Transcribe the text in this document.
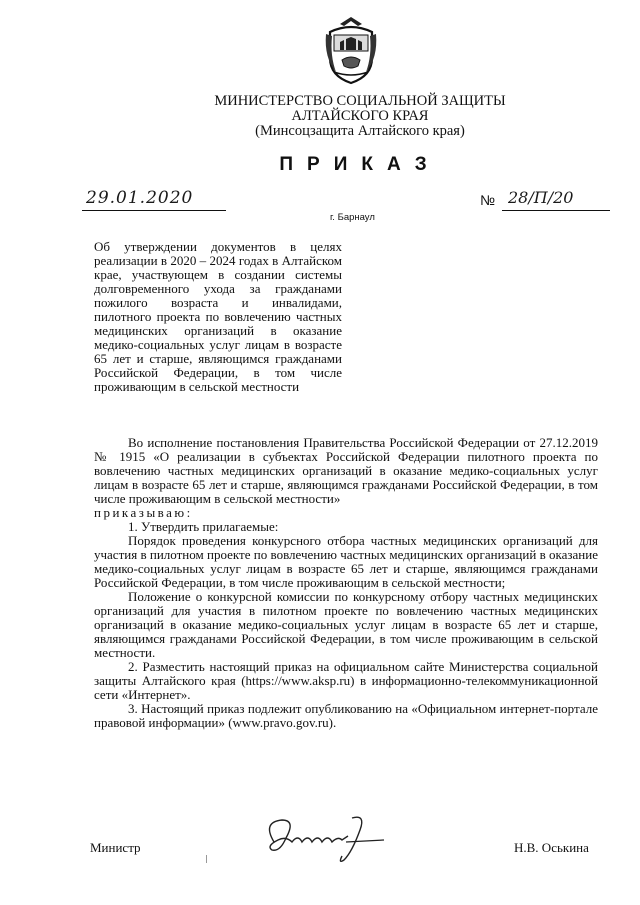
МИНИСТЕРСТВО СОЦИАЛЬНОЙ ЗАЩИТЫ
АЛТАЙСКОГО КРАЯ
(Минсоцзащита Алтайского края)
ПРИКАЗ
29.01.2020	№ 28/П/20
г. Барнаул
Об утверждении документов в целях реализации в 2020 – 2024 годах в Алтайском крае, участвующем в создании системы долговременного ухода за гражданами пожилого возраста и инвалидами, пилотного проекта по вовлечению частных медицинских организаций в оказание медико-социальных услуг лицам в возрасте 65 лет и старше, являющимся гражданами Российской Федерации, в том числе проживающим в сельской местности

Во исполнение постановления Правительства Российской Федерации от 27.12.2019 № 1915 «О реализации в субъектах Российской Федерации пилотного проекта по вовлечению частных медицинских организаций в оказание медико-социальных услуг лицам в возрасте 65 лет и старше, являющимся гражданами Российской Федерации, в том числе проживающим в сельской местности»

приказываю:

1. Утвердить прилагаемые:

Порядок проведения конкурсного отбора частных медицинских организаций для участия в пилотном проекте по вовлечению частных медицинских организаций в оказание медико-социальных услуг лицам в возрасте 65 лет и старше, являющимся гражданами Российской Федерации, в том числе проживающим в сельской местности;

Положение о конкурсной комиссии по конкурсному отбору частных медицинских организаций для участия в пилотном проекте по вовлечению частных медицинских организаций в оказание медико-социальных услуг лицам в возрасте 65 лет и старше, являющимся гражданами Российской Федерации, в том числе проживающим в сельской местности.

2. Разместить настоящий приказ на официальном сайте Министерства социальной защиты Алтайского края (https://www.aksp.ru) в информационно-телекоммуникационной сети «Интернет».

3. Настоящий приказ подлежит опубликованию на «Официальном интернет-портале правовой информации» (www.pravo.gov.ru).

Министр	Н.В. Оськина
